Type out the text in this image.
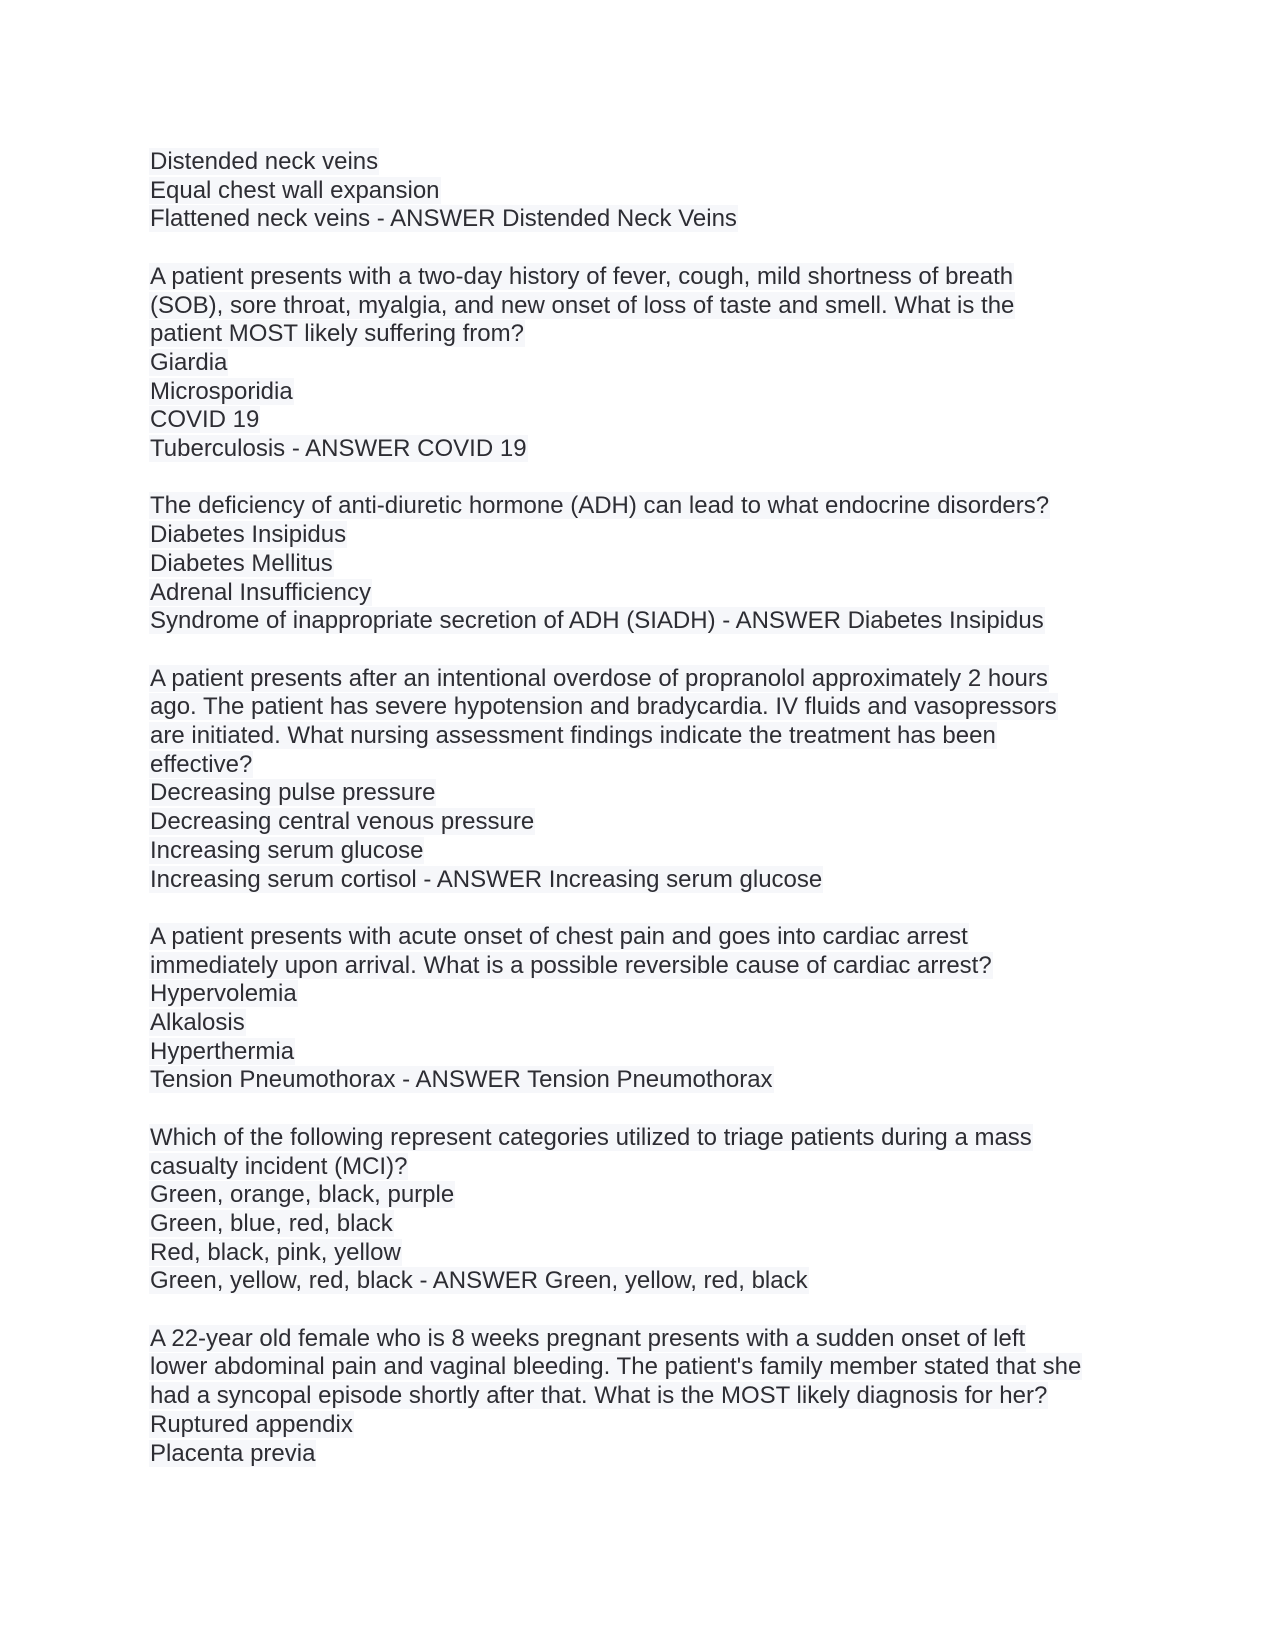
Distended neck veins
Equal chest wall expansion
Flattened neck veins - ANSWER Distended Neck Veins
A patient presents with a two-day history of fever, cough, mild shortness of breath
(SOB), sore throat, myalgia, and new onset of loss of taste and smell. What is the
patient MOST likely suffering from?
Giardia
Microsporidia
COVID 19
Tuberculosis - ANSWER COVID 19
The deficiency of anti-diuretic hormone (ADH) can lead to what endocrine disorders?
Diabetes Insipidus
Diabetes Mellitus
Adrenal Insufficiency
Syndrome of inappropriate secretion of ADH (SIADH) - ANSWER Diabetes Insipidus
A patient presents after an intentional overdose of propranolol approximately 2 hours
ago. The patient has severe hypotension and bradycardia. IV fluids and vasopressors
are initiated. What nursing assessment findings indicate the treatment has been
effective?
Decreasing pulse pressure
Decreasing central venous pressure
Increasing serum glucose
Increasing serum cortisol - ANSWER Increasing serum glucose
A patient presents with acute onset of chest pain and goes into cardiac arrest
immediately upon arrival. What is a possible reversible cause of cardiac arrest?
Hypervolemia
Alkalosis
Hyperthermia
Tension Pneumothorax - ANSWER Tension Pneumothorax
Which of the following represent categories utilized to triage patients during a mass
casualty incident (MCI)?
Green, orange, black, purple
Green, blue, red, black
Red, black, pink, yellow
Green, yellow, red, black - ANSWER Green, yellow, red, black
A 22-year old female who is 8 weeks pregnant presents with a sudden onset of left
lower abdominal pain and vaginal bleeding. The patient's family member stated that she
had a syncopal episode shortly after that. What is the MOST likely diagnosis for her?
Ruptured appendix
Placenta previa
